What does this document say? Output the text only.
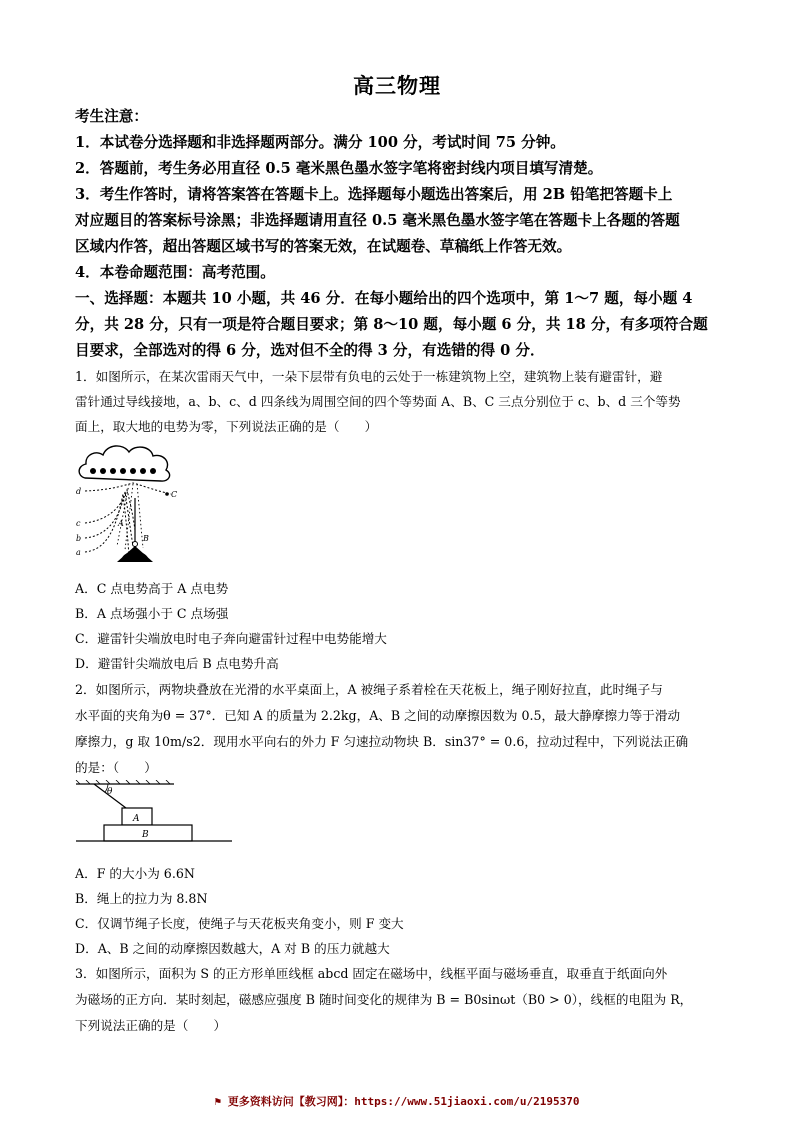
高三物理
考生注意：
1．本试卷分选择题和非选择题两部分。满分 100 分，考试时间 75 分钟。
2．答题前，考生务必用直径 0.5 毫米黑色墨水签字笔将密封线内项目填写清楚。
3．考生作答时，请将答案答在答题卡上。选择题每小题选出答案后，用 2B 铅笔把答题卡上
对应题目的答案标号涂黑；非选择题请用直径 0.5 毫米黑色墨水签字笔在答题卡上各题的答题
区域内作答，超出答题区域书写的答案无效，在试题卷、草稿纸上作答无效。
4．本卷命题范围：高考范围。
一、选择题：本题共 10 小题，共 46 分．在每小题给出的四个选项中，第 1～7 题，每小题 4
分，共 28 分，只有一项是符合题目要求；第 8～10 题，每小题 6 分，共 18 分，有多项符合题
目要求，全部选对的得 6 分，选对但不全的得 3 分，有选错的得 0 分．
1．如图所示，在某次雷雨天气中，一朵下层带有负电的云处于一栋建筑物上空，建筑物上装有避雷针，避
雷针通过导线接地，a、b、c、d 四条线为周围空间的四个等势面 A、B、C 三点分别位于 c、b、d 三个等势
面上，取大地的电势为零，下列说法正确的是（　　）
d
c
b
a
A
B
C
A．C 点电势高于 A 点电势
B．A 点场强小于 C 点场强
C．避雷针尖端放电时电子奔向避雷针过程中电势能增大
D．避雷针尖端放电后 B 点电势升高
2．如图所示，两物块叠放在光滑的水平桌面上，A 被绳子系着栓在天花板上，绳子刚好拉直，此时绳子与
水平面的夹角为θ = 37°．已知 A 的质量为 2.2kg，A、B 之间的动摩擦因数为 0.5，最大静摩擦力等于滑动
摩擦力，g 取 10m/s2．现用水平向右的外力 F 匀速拉动物块 B．sin37° = 0.6，拉动过程中，下列说法正确
的是：（　　）
θ
A
B
A．F 的大小为 6.6N
B．绳上的拉力为 8.8N
C．仅调节绳子长度，使绳子与天花板夹角变小，则 F 变大
D．A、B 之间的动摩擦因数越大，A 对 B 的压力就越大
3．如图所示，面积为 S 的正方形单匝线框 abcd 固定在磁场中，线框平面与磁场垂直，取垂直于纸面向外
为磁场的正方向．某时刻起，磁感应强度 B 随时间变化的规律为 B = B0sinωt（B0 > 0），线框的电阻为 R，
下列说法正确的是（　　）
⚑ 更多资料访问【教习网】：https://www.51jiaoxi.com/u/2195370
